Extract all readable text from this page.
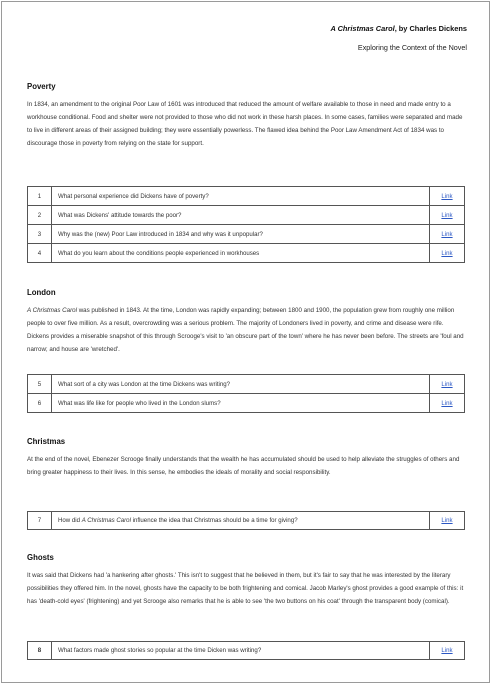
A Christmas Carol, by Charles Dickens
Exploring the Context of the Novel
Poverty

In 1834, an amendment to the original Poor Law of 1601 was introduced that reduced the amount of welfare available to those in need and made entry to a workhouse conditional. Food and shelter were not provided to those who did not work in these harsh places. In some cases, families were separated and made to live in different areas of their assigned building; they were essentially powerless. The flawed idea behind the Poor Law Amendment Act of 1834 was to discourage those in poverty from relying on the state for support.

1	What personal experience did Dickens have of poverty?	Link
2	What was Dickens' attitude towards the poor?	Link
3	Why was the (new) Poor Law introduced in 1834 and why was it unpopular?	Link
4	What do you learn about the conditions people experienced in workhouses	Link
London

A Christmas Carol was published in 1843. At the time, London was rapidly expanding; between 1800 and 1900, the population grew from roughly one million people to over five million. As a result, overcrowding was a serious problem. The majority of Londoners lived in poverty, and crime and disease were rife. Dickens provides a miserable snapshot of this through Scrooge's visit to 'an obscure part of the town' where he has never been before. The streets are 'foul and narrow; and house are 'wretched'.

5	What sort of a city was London at the time Dickens was writing?	Link
6	What was life like for people who lived in the London slums?	Link
Christmas

At the end of the novel, Ebenezer Scrooge finally understands that the wealth he has accumulated should be used to help alleviate the struggles of others and bring greater happiness to their lives. In this sense, he embodies the ideals of morality and social responsibility.

7	How did A Christmas Carol influence the idea that Christmas should be a time for giving?	Link
Ghosts

It was said that Dickens had 'a hankering after ghosts.' This isn't to suggest that he believed in them, but it's fair to say that he was interested by the literary possibilities they offered him. In the novel, ghosts have the capacity to be both frightening and comical. Jacob Marley's ghost provides a good example of this: it has 'death-cold eyes' (frightening) and yet Scrooge also remarks that he is able to see 'the two buttons on his coat' through the transparent body (comical).

8	What factors made ghost stories so popular at the time Dicken was writing?	Link
